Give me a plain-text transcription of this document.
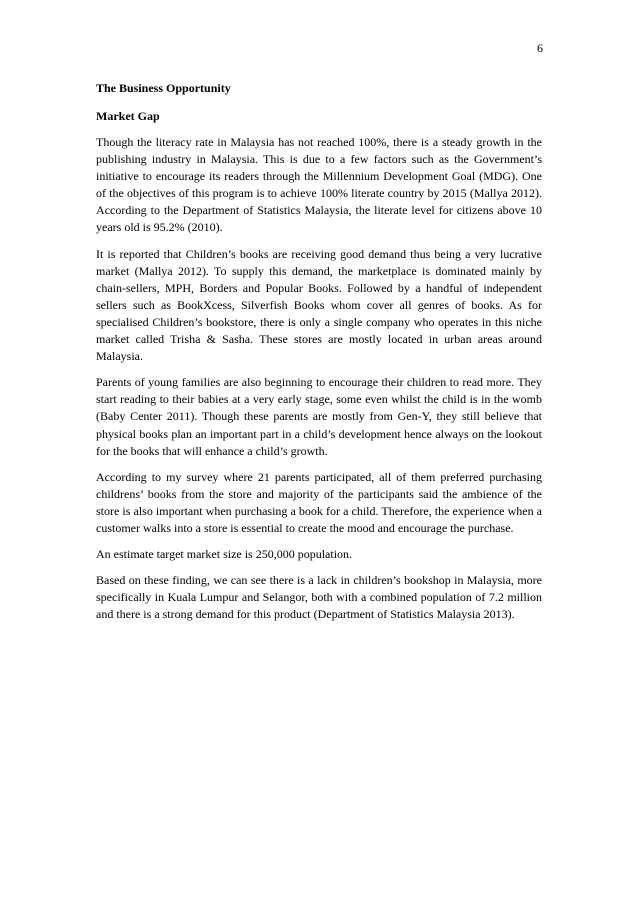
6
The Business Opportunity
Market Gap

Though the literacy rate in Malaysia has not reached 100%, there is a steady growth in the publishing industry in Malaysia. This is due to a few factors such as the Government’s initiative to encourage its readers through the Millennium Development Goal (MDG). One of the objectives of this program is to achieve 100% literate country by 2015 (Mallya 2012). According to the Department of Statistics Malaysia, the literate level for citizens above 10 years old is 95.2% (2010).

It is reported that Children’s books are receiving good demand thus being a very lucrative market (Mallya 2012). To supply this demand, the marketplace is dominated mainly by chain-sellers, MPH, Borders and Popular Books. Followed by a handful of independent sellers such as BookXcess, Silverfish Books whom cover all genres of books. As for specialised Children’s bookstore, there is only a single company who operates in this niche market called Trisha & Sasha. These stores are mostly located in urban areas around Malaysia.

Parents of young families are also beginning to encourage their children to read more. They start reading to their babies at a very early stage, some even whilst the child is in the womb (Baby Center 2011). Though these parents are mostly from Gen-Y, they still believe that physical books plan an important part in a child’s development hence always on the lookout for the books that will enhance a child’s growth.

According to my survey where 21 parents participated, all of them preferred purchasing childrens’ books from the store and majority of the participants said the ambience of the store is also important when purchasing a book for a child. Therefore, the experience when a customer walks into a store is essential to create the mood and encourage the purchase.

An estimate target market size is 250,000 population.

Based on these finding, we can see there is a lack in children’s bookshop in Malaysia, more specifically in Kuala Lumpur and Selangor, both with a combined population of 7.2 million and there is a strong demand for this product (Department of Statistics Malaysia 2013).
